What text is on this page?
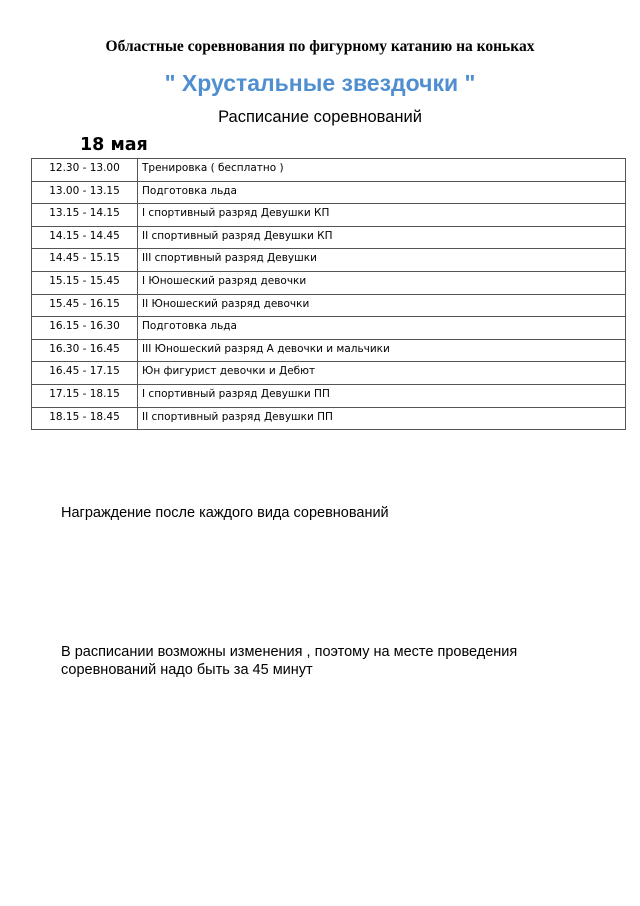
Областные соревнования по фигурному катанию на коньках
" Хрустальные звездочки "
Расписание соревнований
18 мая
12.30 - 13.00	Тренировка ( бесплатно )
13.00 - 13.15	Подготовка льда
13.15 - 14.15	I спортивный разряд Девушки КП
14.15 - 14.45	II спортивный разряд Девушки КП
14.45 - 15.15	III спортивный разряд Девушки
15.15 - 15.45	I Юношеский разряд девочки
15.45 - 16.15	II Юношеский разряд девочки
16.15 - 16.30	Подготовка льда
16.30 - 16.45	III Юношеский разряд А девочки и мальчики
16.45 - 17.15	Юн фигурист девочки и Дебют
17.15 - 18.15	I спортивный разряд Девушки ПП
18.15 - 18.45	II спортивный разряд Девушки ПП
Награждение после каждого вида соревнований
В расписании возможны изменения , поэтому на месте проведения соревнований надо быть за 45 минут
